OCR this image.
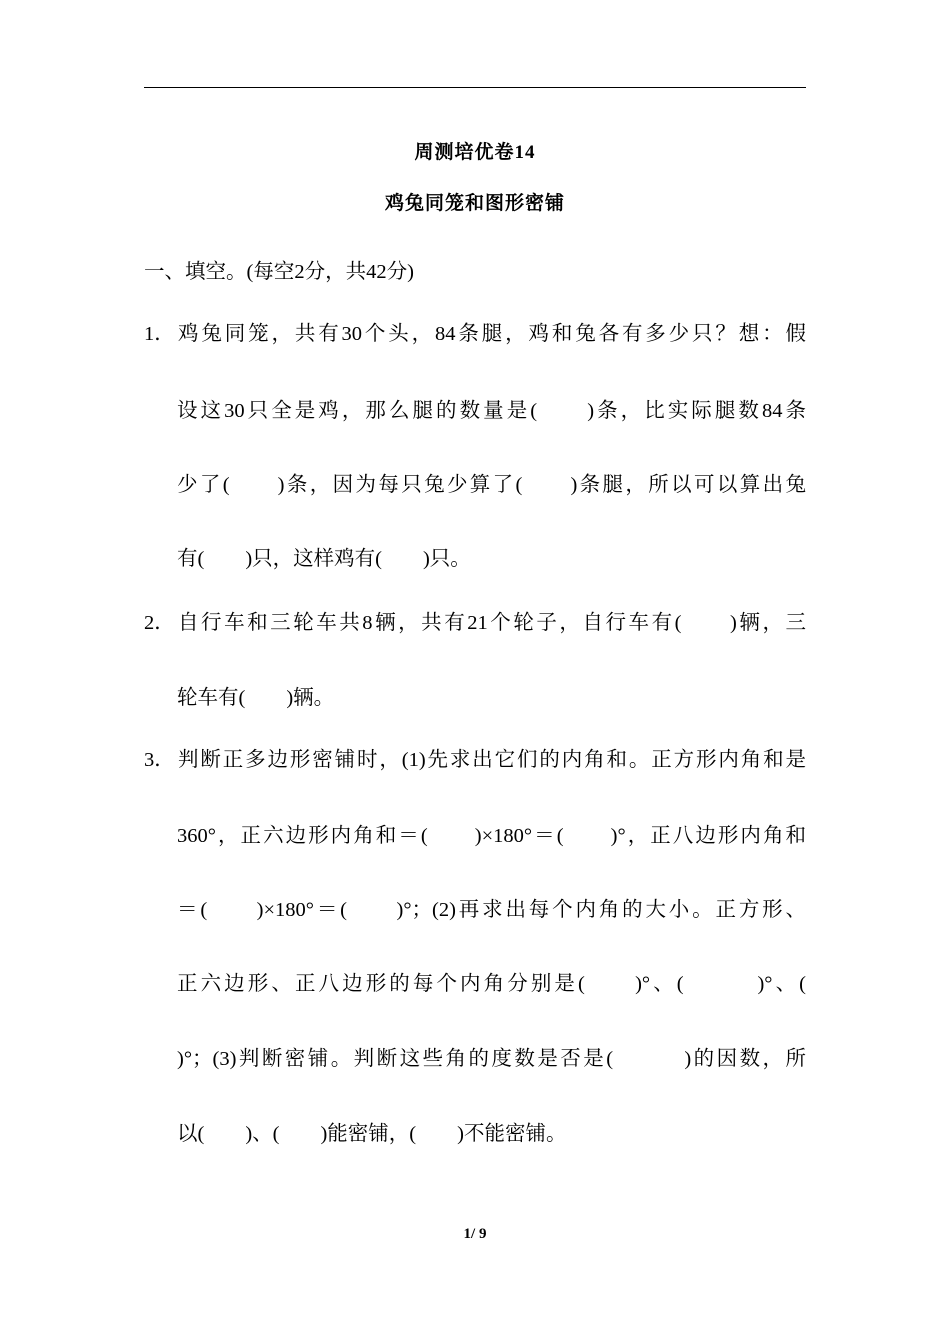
周测培优卷14
鸡兔同笼和图形密铺
一、填空。(每空2分，共42分)
1． 鸡兔同笼，共有30个头，84条腿，鸡和兔各有多少只？想：假
设这30只全是鸡，那么腿的数量是(　　)条，比实际腿数84条
少了(　　)条，因为每只兔少算了(　　)条腿，所以可以算出兔
有(　　)只，这样鸡有(　　)只。
2． 自行车和三轮车共8辆，共有21个轮子，自行车有(　　)辆，三
轮车有(　　)辆。
3． 判断正多边形密铺时，(1)先求出它们的内角和。正方形内角和是
360°，正六边形内角和＝(　　)×180°＝(　　)°，正八边形内角和
＝(　　)×180°＝(　　)°；(2)再求出每个内角的大小。正方形、
正六边形、正八边形的每个内角分别是(　　)°、(　　　)°、(
)°；(3)判断密铺。判断这些角的度数是否是(　　　)的因数，所
以(　　)、(　　)能密铺，(　　)不能密铺。
1/ 9
